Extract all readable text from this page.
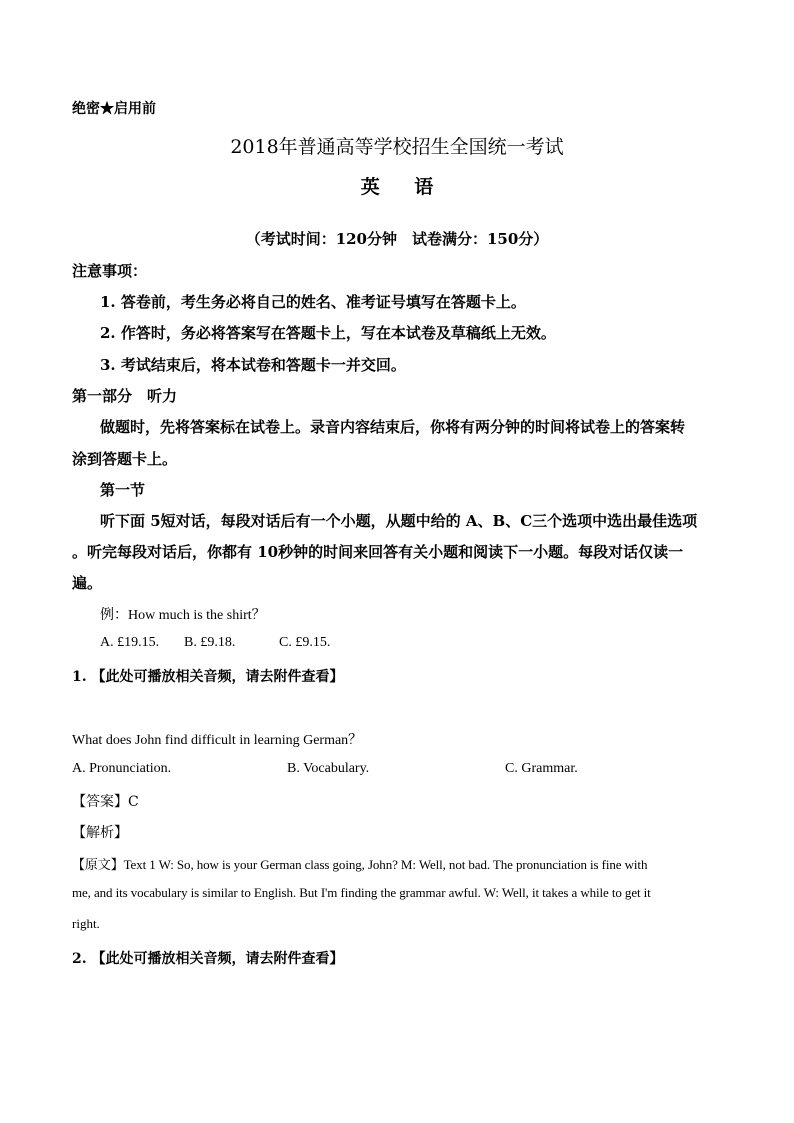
绝密★启用前
2018年普通高等学校招生全国统一考试
英 语
（考试时间：120分钟　试卷满分：150分）
注意事项：
1. 答卷前，考生务必将自己的姓名、准考证号填写在答题卡上。
2. 作答时，务必将答案写在答题卡上，写在本试卷及草稿纸上无效。
3. 考试结束后，将本试卷和答题卡一并交回。
第一部分　听力
做题时，先将答案标在试卷上。录音内容结束后，你将有两分钟的时间将试卷上的答案转
涂到答题卡上。
第一节
听下面 5短对话，每段对话后有一个小题，从题中给的 A、B、C三个选项中选出最佳选项
。听完每段对话后，你都有 10秒钟的时间来回答有关小题和阅读下一小题。每段对话仅读一
遍。
例：How much is the shirt？
A. £19.15. B. £9.18.	C. £9.15.
1. 【此处可播放相关音频，请去附件查看】
What does John find difficult in learning German？
A. Pronunciation.	B. Vocabulary.	C. Grammar.
【答案】C
【解析】
【原文】Text 1 W: So, how is your German class going, John? M: Well, not bad. The pronunciation is fine with
me, and its vocabulary is similar to English. But I'm finding the grammar awful. W: Well, it takes a while to get it
right.
2. 【此处可播放相关音频，请去附件查看】
